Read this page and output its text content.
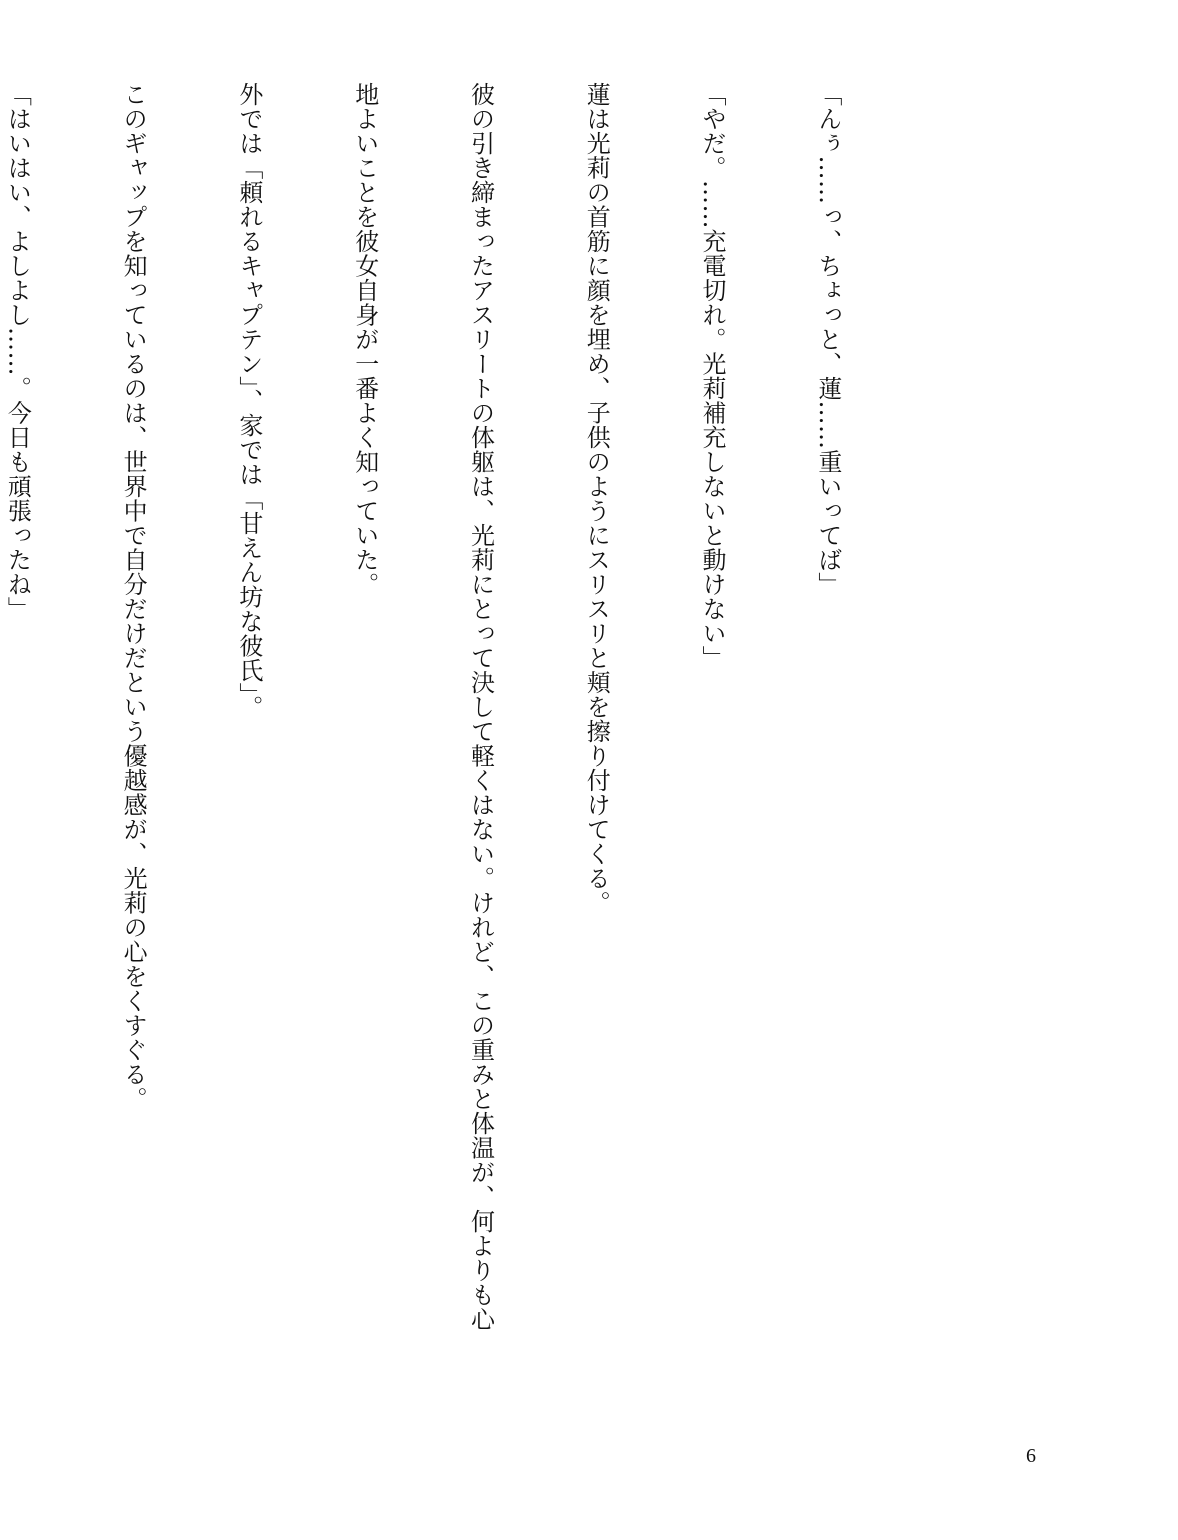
「んぅ……っ、ちょっと、蓮……重いってば」

「やだ。……充電切れ。光莉補充しないと動けない」

蓮は光莉の首筋に顔を埋め、子供のようにスリスリと頬を擦り付けてくる。

彼の引き締まったアスリートの体躯は、光莉にとって決して軽くはない。けれど、この重みと体温が、何よりも心

地よいことを彼女自身が一番よく知っていた。

外では「頼れるキャプテン」、家では「甘えん坊な彼氏」。

このギャップを知っているのは、世界中で自分だけだという優越感が、光莉の心をくすぐる。

「はいはい、よしよし……。今日も頑張ったね」

6
